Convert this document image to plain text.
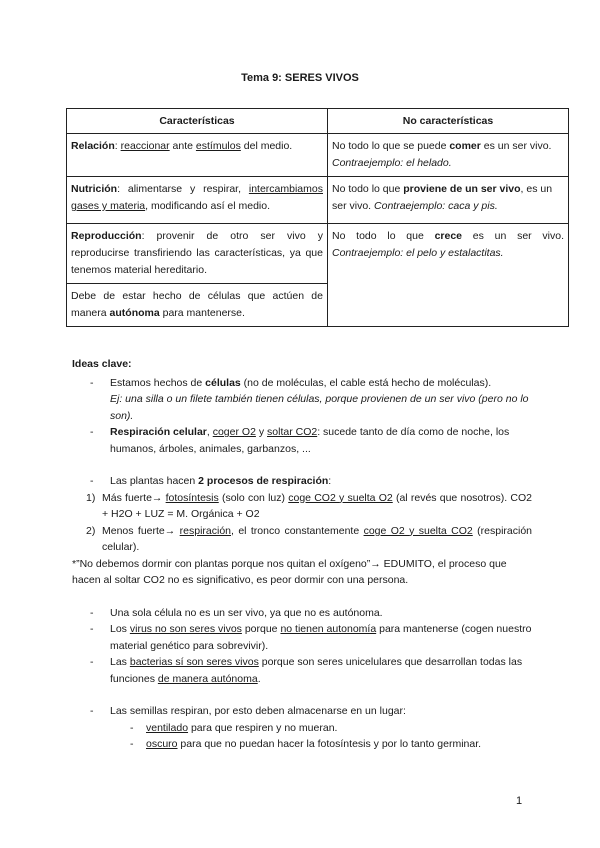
Tema 9: SERES VIVOS
Características	No características
Relación: reaccionar ante estímulos del medio.	No todo lo que se puede comer es un ser vivo. Contraejemplo: el helado.
Nutrición: alimentarse y respirar, intercambiamos gases y materia, modificando así el medio.	No todo lo que proviene de un ser vivo, es un ser vivo. Contraejemplo: caca y pis.
Reproducción: provenir de otro ser vivo y reproducirse transfiriendo las características, ya que tenemos material hereditario.	No todo lo que crece es un ser vivo. Contraejemplo: el pelo y estalactitas.
Debe de estar hecho de células que actúen de manera autónoma para mantenerse.	
Ideas clave:
- Estamos hechos de células (no de moléculas, el cable está hecho de moléculas).
Ej: una silla o un filete también tienen células, porque provienen de un ser vivo (pero no lo son).
- Respiración celular, coger O2 y soltar CO2: sucede tanto de día como de noche, los humanos, árboles, animales, garbanzos, ...
- Las plantas hacen 2 procesos de respiración:
1) Más fuerte→ fotosíntesis (solo con luz) coge CO2 y suelta O2 (al revés que nosotros). CO2 + H2O + LUZ = M. Orgánica + O2
2) Menos fuerte→ respiración, el tronco constantemente coge O2 y suelta CO2 (respiración celular).
*”No debemos dormir con plantas porque nos quitan el oxígeno”→ EDUMITO, el proceso que hacen al soltar CO2 no es significativo, es peor dormir con una persona.
- Una sola célula no es un ser vivo, ya que no es autónoma.
- Los virus no son seres vivos porque no tienen autonomía para mantenerse (cogen nuestro material genético para sobrevivir).
- Las bacterias sí son seres vivos porque son seres unicelulares que desarrollan todas las funciones de manera autónoma.
- Las semillas respiran, por esto deben almacenarse en un lugar:
- ventilado para que respiren y no mueran.
- oscuro para que no puedan hacer la fotosíntesis y por lo tanto germinar.
1
